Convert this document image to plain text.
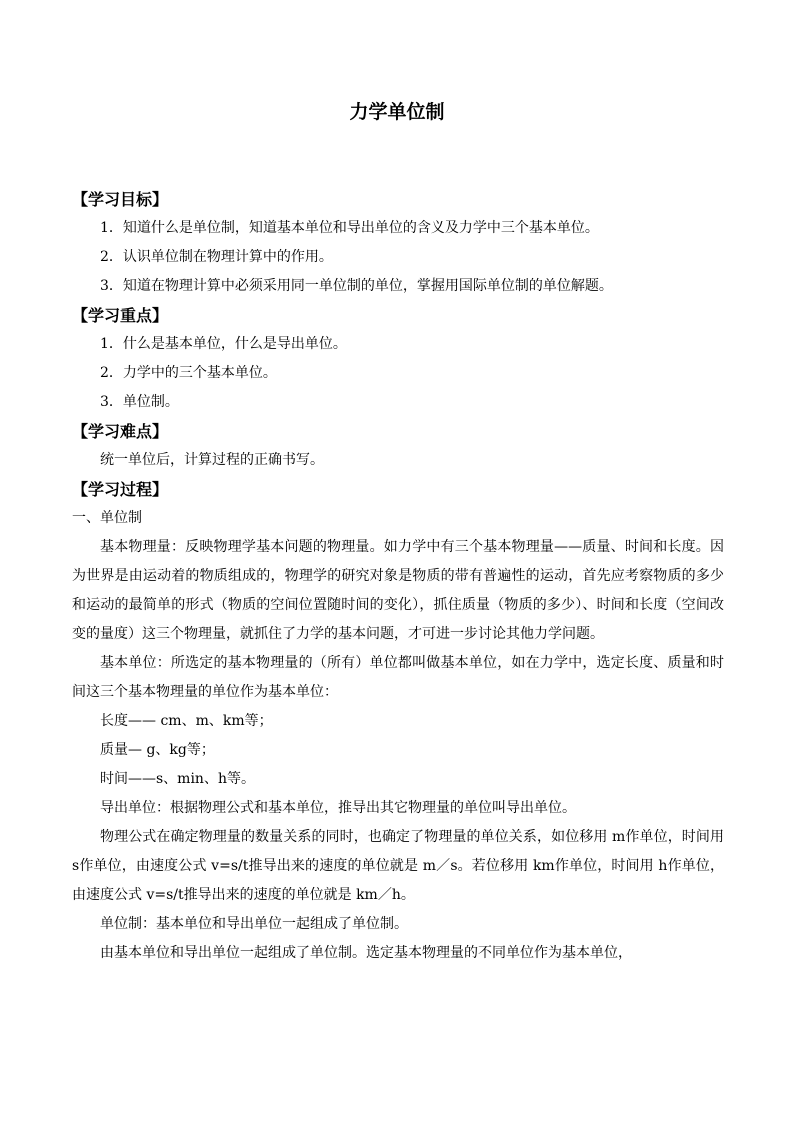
力学单位制

【学习目标】

1．知道什么是单位制，知道基本单位和导出单位的含义及力学中三个基本单位。

2．认识单位制在物理计算中的作用。

3．知道在物理计算中必须采用同一单位制的单位，掌握用国际单位制的单位解题。

【学习重点】

1．什么是基本单位，什么是导出单位。

2．力学中的三个基本单位。

3．单位制。

【学习难点】

统一单位后，计算过程的正确书写。

【学习过程】

一、单位制

基本物理量：反映物理学基本问题的物理量。如力学中有三个基本物理量——质量、时间和长度。因为世界是由运动着的物质组成的，物理学的研究对象是物质的带有普遍性的运动，首先应考察物质的多少和运动的最简单的形式（物质的空间位置随时间的变化），抓住质量（物质的多少）、时间和长度（空间改变的量度）这三个物理量，就抓住了力学的基本问题，才可进一步讨论其他力学问题。

基本单位：所选定的基本物理量的（所有）单位都叫做基本单位，如在力学中，选定长度、质量和时间这三个基本物理量的单位作为基本单位：

长度—— cm、m、km等；

质量— g、kg等；

时间——s、min、h等。

导出单位：根据物理公式和基本单位，推导出其它物理量的单位叫导出单位。

物理公式在确定物理量的数量关系的同时，也确定了物理量的单位关系，如位移用 m作单位，时间用 s作单位，由速度公式 v=s/t推导出来的速度的单位就是 m／s。若位移用 km作单位，时间用 h作单位，由速度公式 v=s/t推导出来的速度的单位就是 km／h。

单位制：基本单位和导出单位一起组成了单位制。

由基本单位和导出单位一起组成了单位制。选定基本物理量的不同单位作为基本单位，
